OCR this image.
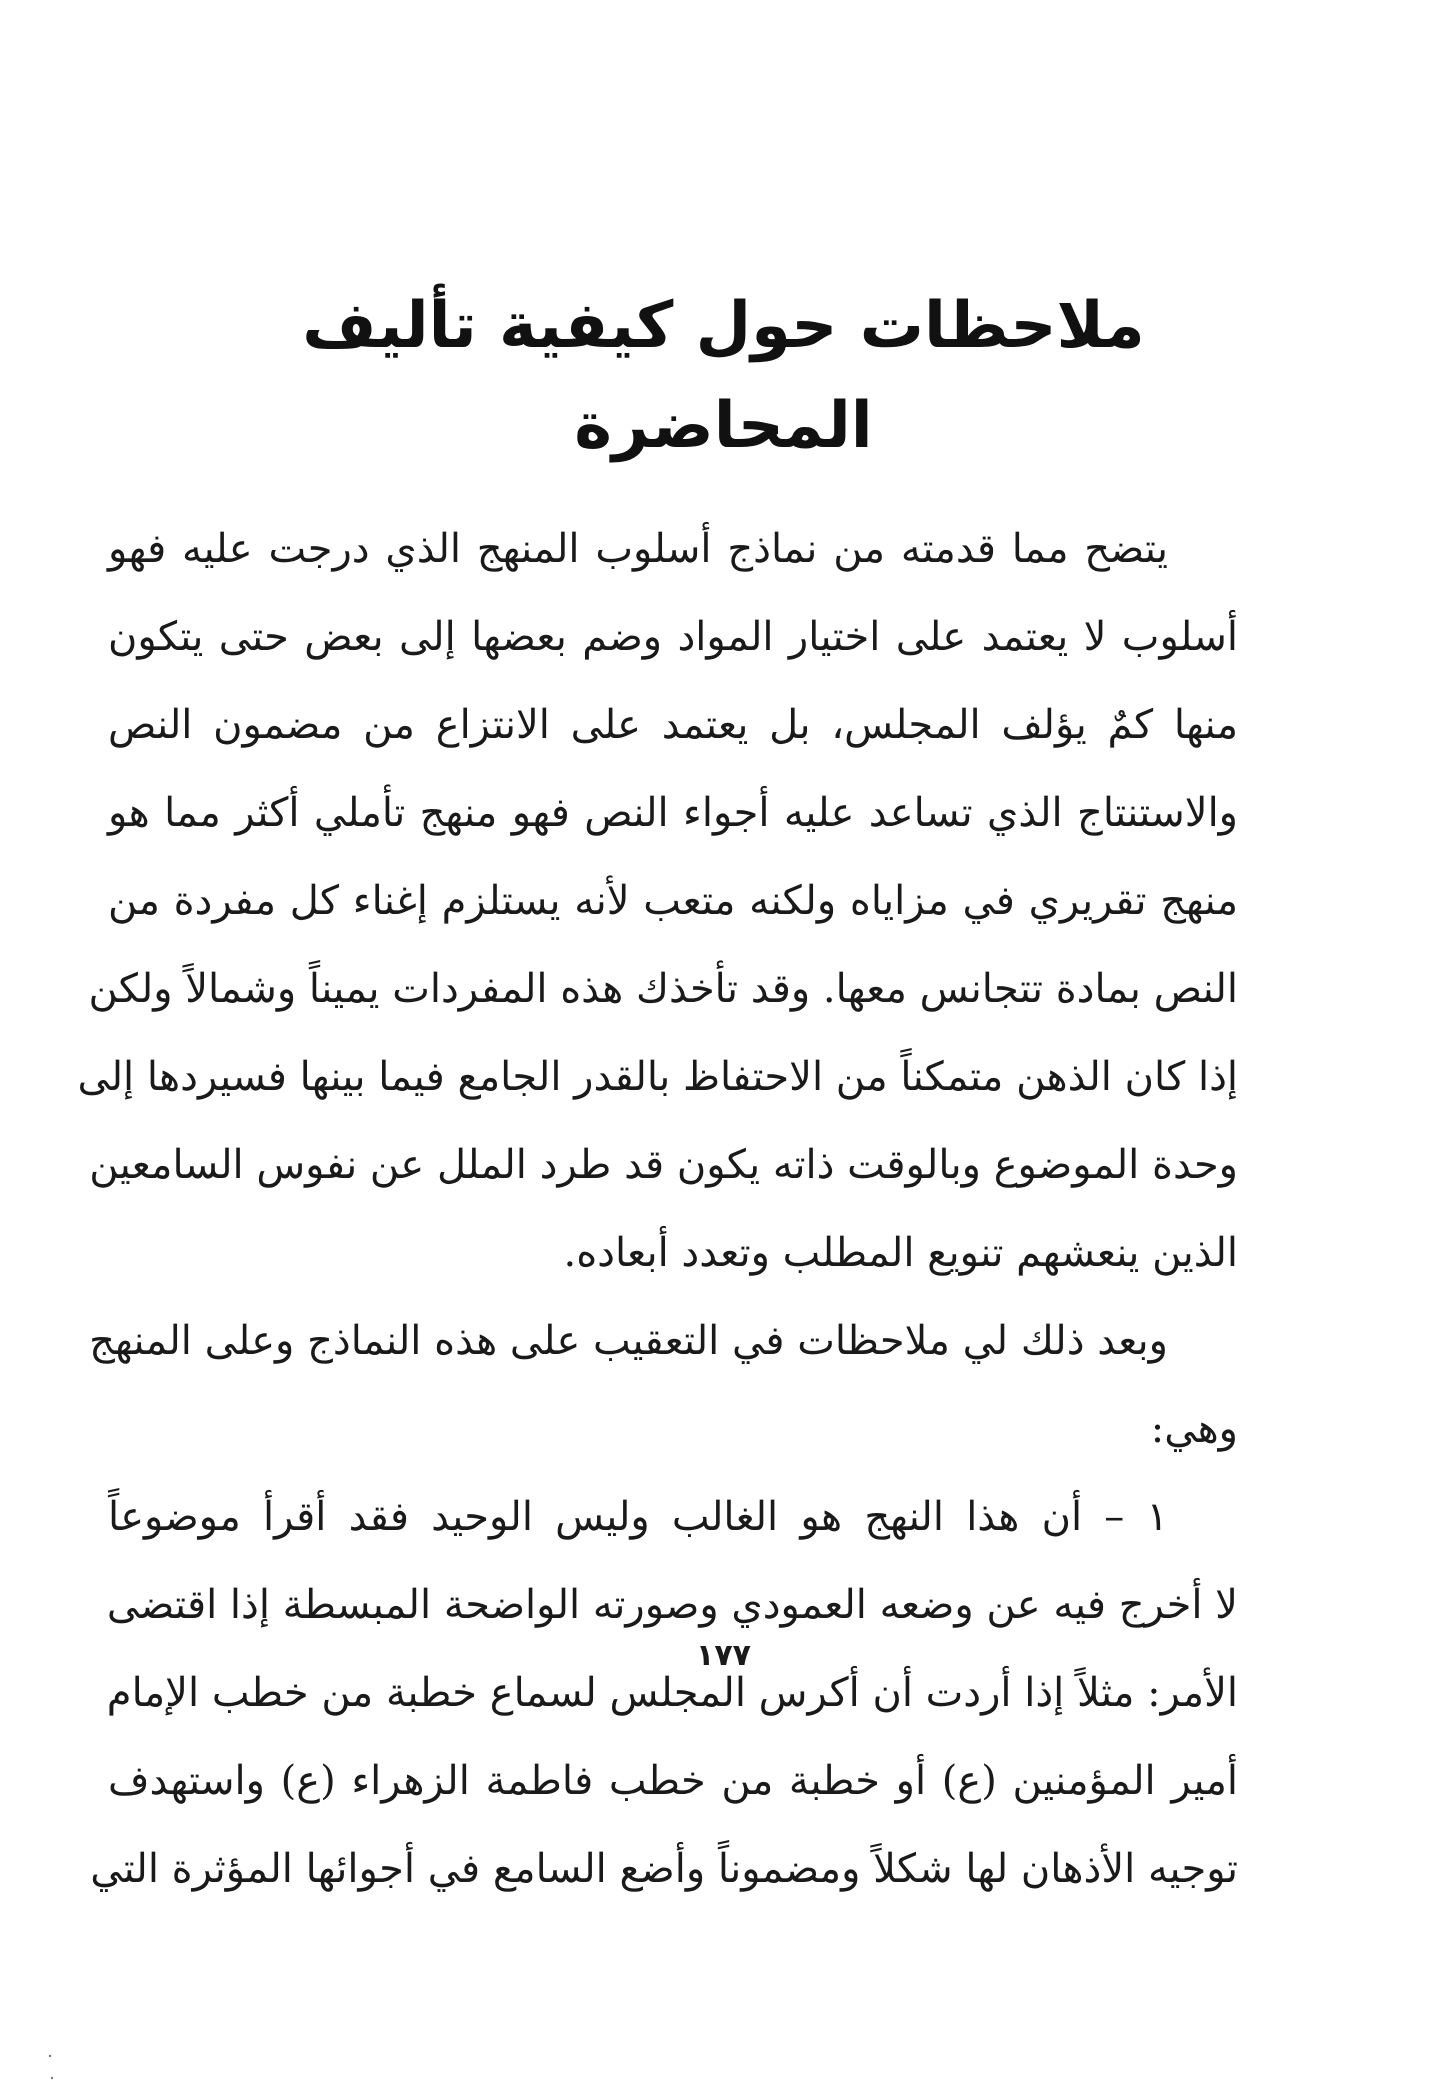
ملاحظات حول كيفية تأليف المحاضرة
يتضح مما قدمته من نماذج أسلوب المنهج الذي درجت عليه فهو
أسلوب لا يعتمد على اختيار المواد وضم بعضها إلى بعض حتى يتكون
منها كمٌ يؤلف المجلس، بل يعتمد على الانتزاع من مضمون النص
والاستنتاج الذي تساعد عليه أجواء النص فهو منهج تأملي أكثر مما هو
منهج تقريري في مزاياه ولكنه متعب لأنه يستلزم إغناء كل مفردة من
النص بمادة تتجانس معها. وقد تأخذك هذه المفردات يميناً وشمالاً ولكن
إذا كان الذهن متمكناً من الاحتفاظ بالقدر الجامع فيما بينها فسيردها إلى
وحدة الموضوع وبالوقت ذاته يكون قد طرد الملل عن نفوس السامعين
الذين ينعشهم تنويع المطلب وتعدد أبعاده.
وبعد ذلك لي ملاحظات في التعقيب على هذه النماذج وعلى المنهج
وهي:
١ – أن هذا النهج هو الغالب وليس الوحيد فقد أقرأ موضوعاً
لا أخرج فيه عن وضعه العمودي وصورته الواضحة المبسطة إذا اقتضى
الأمر: مثلاً إذا أردت أن أكرس المجلس لسماع خطبة من خطب الإمام
أمير المؤمنين (ع) أو خطبة من خطب فاطمة الزهراء (ع) واستهدف
توجيه الأذهان لها شكلاً ومضموناً وأضع السامع في أجوائها المؤثرة التي
١٧٧
